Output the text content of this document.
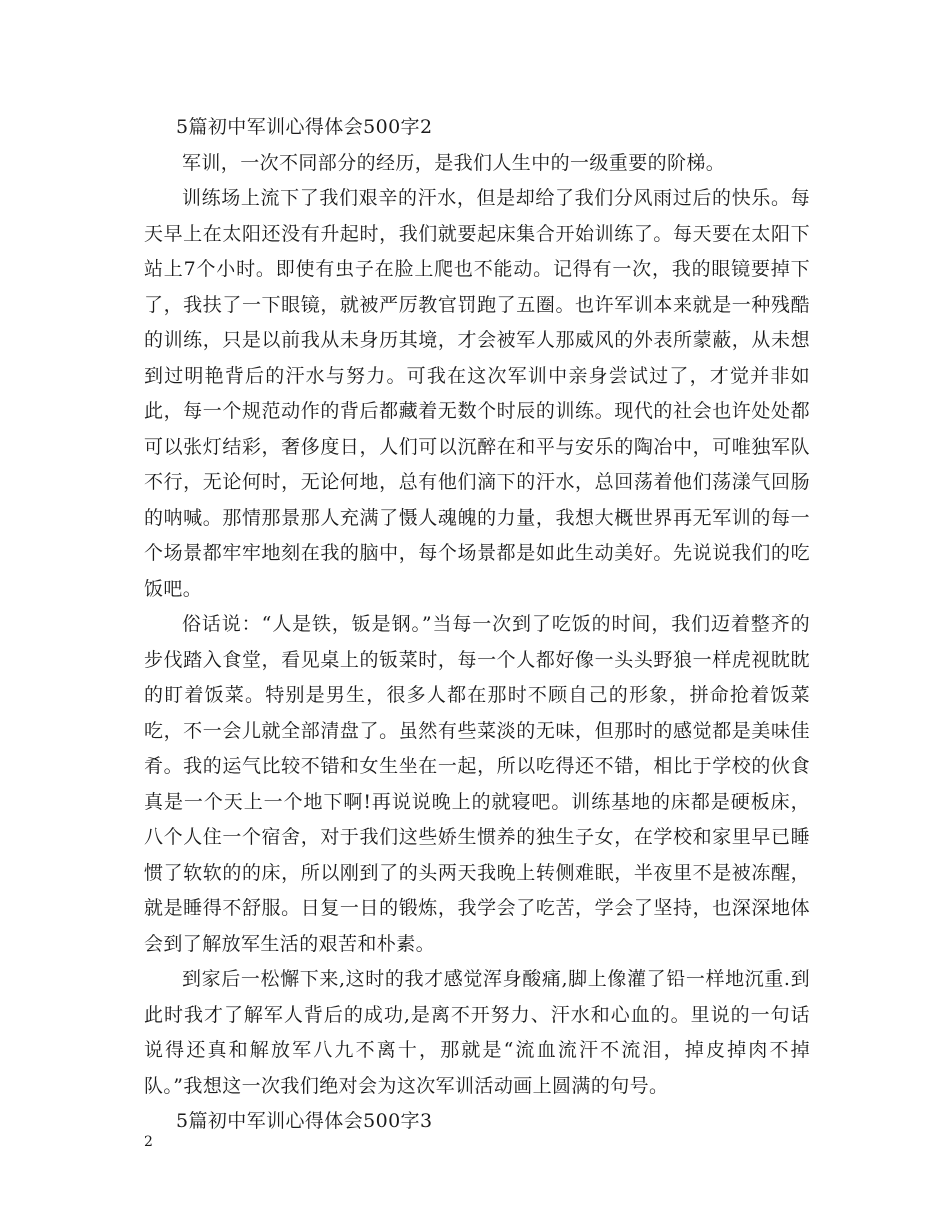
5篇初中军训心得体会500字2

军训，一次不同部分的经历，是我们人生中的一级重要的阶梯。

训练场上流下了我们艰辛的汗水，但是却给了我们分风雨过后的快乐。每天早上在太阳还没有升起时，我们就要起床集合开始训练了。每天要在太阳下站上7个小时。即使有虫子在脸上爬也不能动。记得有一次，我的眼镜要掉下了，我扶了一下眼镜，就被严厉教官罚跑了五圈。也许军训本来就是一种残酷的训练，只是以前我从未身历其境，才会被军人那威风的外表所蒙蔽，从未想到过明艳背后的汗水与努力。可我在这次军训中亲身尝试过了，才觉并非如此，每一个规范动作的背后都藏着无数个时辰的训练。现代的社会也许处处都可以张灯结彩，奢侈度日，人们可以沉醉在和平与安乐的陶冶中，可唯独军队不行，无论何时，无论何地，总有他们滴下的汗水，总回荡着他们荡漾气回肠的呐喊。那情那景那人充满了慑人魂魄的力量，我想大概世界再无军训的每一个场景都牢牢地刻在我的脑中，每个场景都是如此生动美好。先说说我们的吃饭吧。

俗话说：“人是铁，钣是钢。”当每一次到了吃饭的时间，我们迈着整齐的步伐踏入食堂，看见桌上的钣菜时，每一个人都好像一头头野狼一样虎视眈眈的盯着饭菜。特别是男生，很多人都在那时不顾自己的形象，拼命抢着饭菜吃，不一会儿就全部清盘了。虽然有些菜淡的无味，但那时的感觉都是美味佳肴。我的运气比较不错和女生坐在一起，所以吃得还不错，相比于学校的伙食真是一个天上一个地下啊!再说说晚上的就寝吧。训练基地的床都是硬板床，八个人住一个宿舍，对于我们这些娇生惯养的独生子女，在学校和家里早已睡惯了软软的的床，所以刚到了的头两天我晚上转侧难眠，半夜里不是被冻醒，就是睡得不舒服。日复一日的锻炼，我学会了吃苦，学会了坚持，也深深地体会到了解放军生活的艰苦和朴素。

到家后一松懈下来,这时的我才感觉浑身酸痛,脚上像灌了铅一样地沉重.到此时我才了解军人背后的成功,是离不开努力、汗水和心血的。里说的一句话说得还真和解放军八九不离十，那就是“流血流汗不流泪，掉皮掉肉不掉队。”我想这一次我们绝对会为这次军训活动画上圆满的句号。

5篇初中军训心得体会500字3

2
